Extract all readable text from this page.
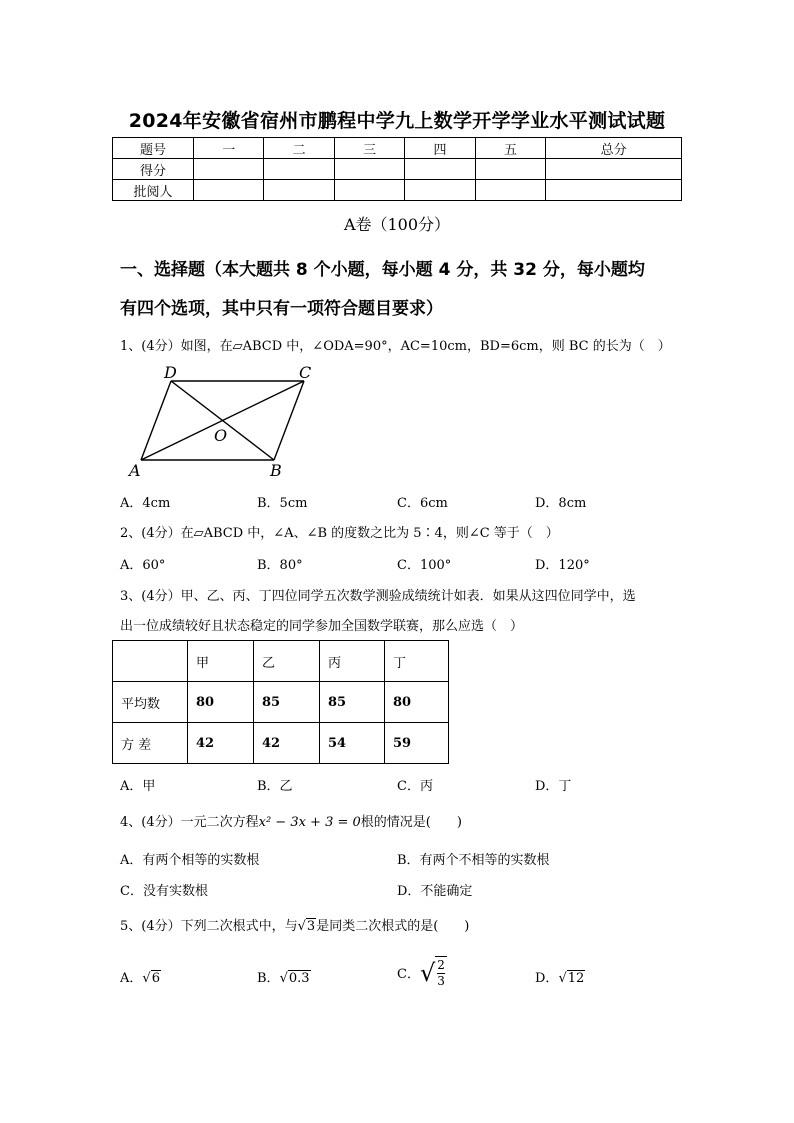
2024年安徽省宿州市鹏程中学九上数学开学学业水平测试试题
题号	一	二	三	四	五	总分
得分						
批阅人						
A卷（100分）
一、选择题（本大题共 8 个小题，每小题 4 分，共 32 分，每小题均
有四个选项，其中只有一项符合题目要求）
1、(4分）如图，在▱ABCD 中，∠ODA=90°，AC=10cm，BD=6cm，则 BC 的长为（　）
D	C
O
A	B
A．4cm	B．5cm	C．6cm	D．8cm
2、(4分）在▱ABCD 中，∠A、∠B 的度数之比为 5∶4，则∠C 等于（　）
A．60°	B．80°	C．100°	D．120°
3、(4分）甲、乙、丙、丁四位同学五次数学测验成绩统计如表．如果从这四位同学中，选
出一位成绩较好且状态稳定的同学参加全国数学联赛，那么应选（　）
	甲	乙	丙	丁
平均数	80	85	85	80
方 差	42	42	54	59
A．甲	B．乙	C．丙	D．丁
4、(4分）一元二次方程x² − 3x + 3 = 0根的情况是(　　)
A．有两个相等的实数根	B．有两个不相等的实数根
C．没有实数根	D．不能确定
5、(4分）下列二次根式中，与√3是同类二次根式的是(　　)
A．√6	B．√0.3	C．√ $\frac{2}{3}$	D．√12
